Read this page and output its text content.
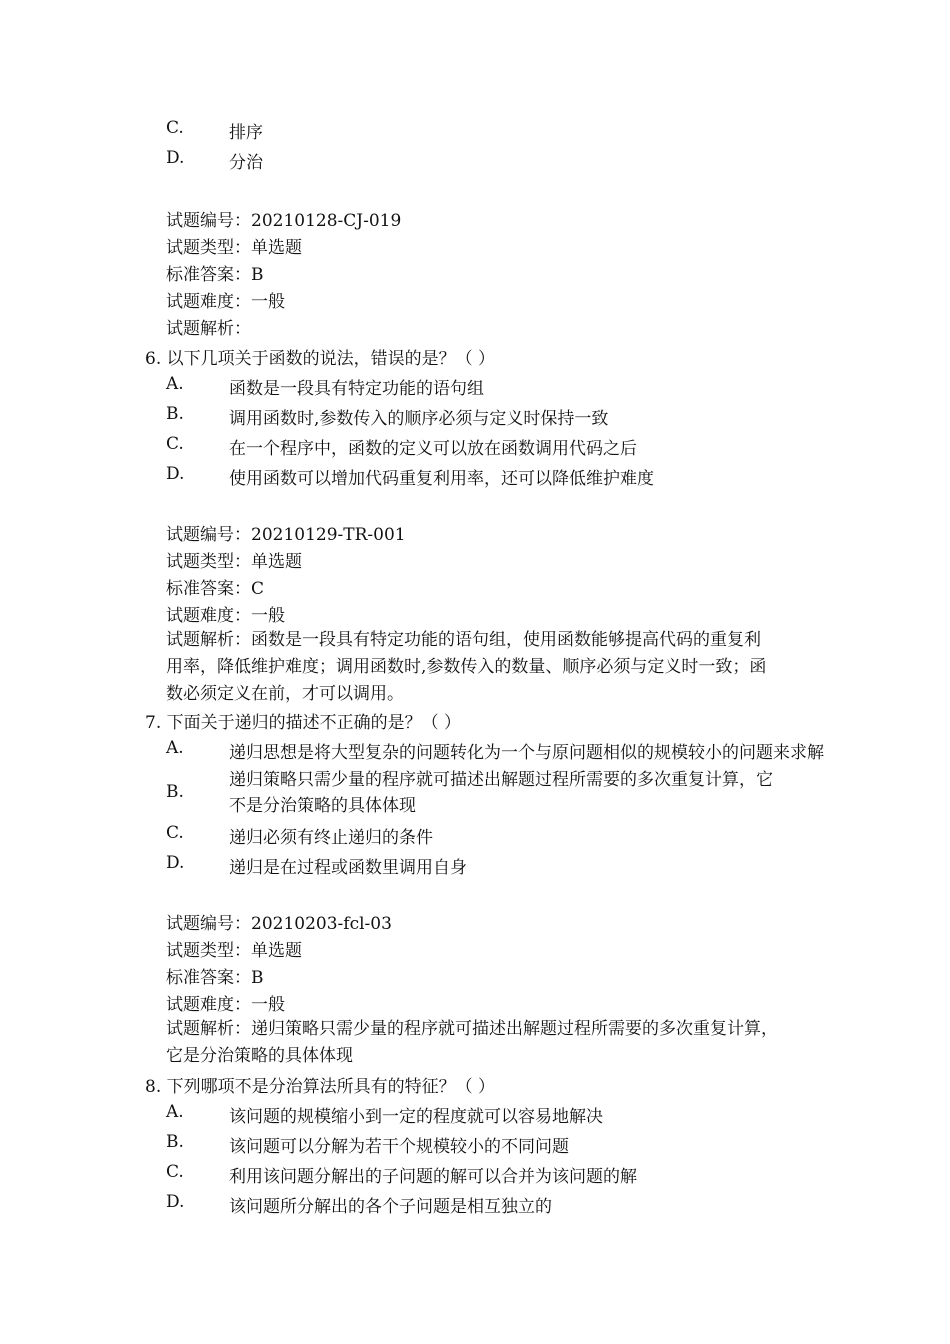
C.	排序
D.	分治
试题编号：20210128-CJ-019
试题类型：单选题
标准答案：B
试题难度：一般
试题解析：
6. 以下几项关于函数的说法，错误的是？（ ）
A.	函数是一段具有特定功能的语句组
B.	调用函数时,参数传入的顺序必须与定义时保持一致
C.	在一个程序中，函数的定义可以放在函数调用代码之后
D.	使用函数可以增加代码重复利用率，还可以降低维护难度
试题编号：20210129-TR-001
试题类型：单选题
标准答案：C
试题难度：一般
试题解析：函数是一段具有特定功能的语句组，使用函数能够提高代码的重复利
用率，降低维护难度；调用函数时,参数传入的数量、顺序必须与定义时一致；函
数必须定义在前，才可以调用。
7. 下面关于递归的描述不正确的是？（ ）
A.	递归思想是将大型复杂的问题转化为一个与原问题相似的规模较小的问题来求解
B.
递归策略只需少量的程序就可描述出解题过程所需要的多次重复计算，它
不是分治策略的具体体现
C.	递归必须有终止递归的条件
D.	递归是在过程或函数里调用自身
试题编号：20210203-fcl-03
试题类型：单选题
标准答案：B
试题难度：一般
试题解析：递归策略只需少量的程序就可描述出解题过程所需要的多次重复计算，
它是分治策略的具体体现
8. 下列哪项不是分治算法所具有的特征？（ ）
A.	该问题的规模缩小到一定的程度就可以容易地解决
B.	该问题可以分解为若干个规模较小的不同问题
C.	利用该问题分解出的子问题的解可以合并为该问题的解
D.	该问题所分解出的各个子问题是相互独立的
